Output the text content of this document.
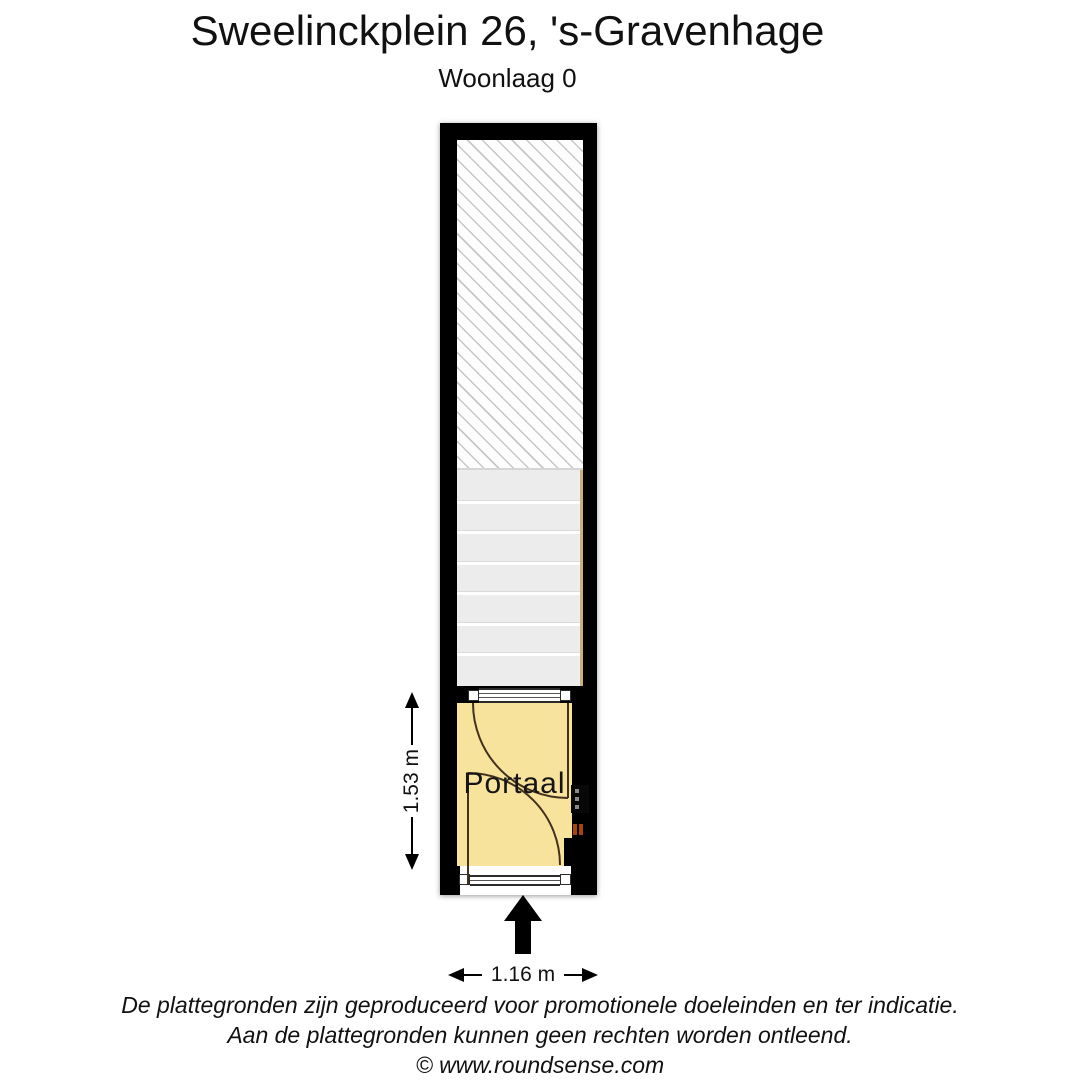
Sweelinckplein 26, 's-Gravenhage
Woonlaag 0
Portaal
1.53 m
1.16 m
De plattegronden zijn geproduceerd voor promotionele doeleinden en ter indicatie.
Aan de plattegronden kunnen geen rechten worden ontleend.
© www.roundsense.com
